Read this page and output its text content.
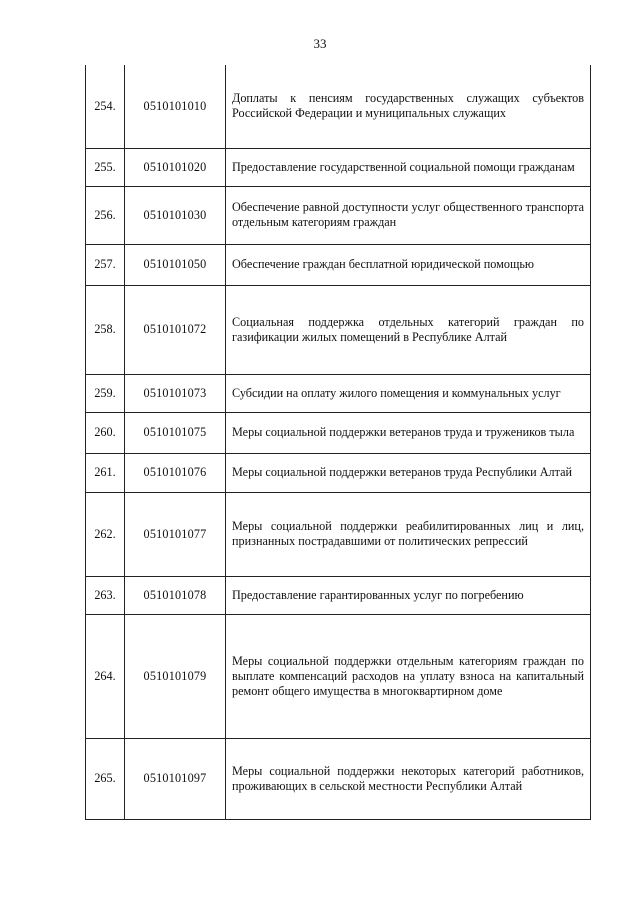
33
254.	0510101010	Доплаты к пенсиям государственных служащих субъектов Российской Федерации и муниципальных служащих

255.	0510101020	Предоставление государственной социальной помощи гражданам

256.	0510101030	Обеспечение равной доступности услуг общественного транспорта отдельным категориям граждан

257.	0510101050	Обеспечение граждан бесплатной юридической помощью

258.	0510101072	Социальная поддержка отдельных категорий граждан по газификации жилых помещений в Республике Алтай

259.	0510101073	Субсидии на оплату жилого помещения и коммунальных услуг

260.	0510101075	Меры социальной поддержки ветеранов труда и тружеников тыла

261.	0510101076	Меры социальной поддержки ветеранов труда Республики Алтай

262.	0510101077	Меры социальной поддержки реабилитированных лиц и лиц, признанных пострадавшими от политических репрессий

263.	0510101078	Предоставление гарантированных услуг по погребению

264.	0510101079	Меры социальной поддержки отдельным категориям граждан по выплате компенсаций расходов на уплату взноса на капитальный ремонт общего имущества в многоквартирном доме

265.	0510101097	Меры социальной поддержки некоторых категорий работников, проживающих в сельской местности Республики Алтай
